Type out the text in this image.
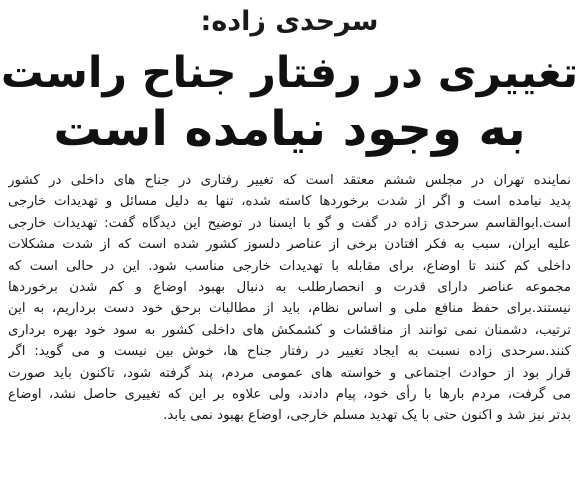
سرحدی زاده:
تغییری در رفتار جناح راست
به وجود نیامده است
نماینده تهران در مجلس ششم معتقد است که تغییر رفتاری در جناح های داخلی در کشور
پدید نیامده است و اگر از شدت برخوردها کاسته شده، تنها به دلیل مسائل و تهدیدات خارجی
است.ابوالقاسم سرحدی زاده در گفت و گو با ایسنا در توضیح این دیدگاه گفت: تهدیدات خارجی
علیه ایران، سبب به فکر افتادن برخی از عناصر دلسوز کشور شده است که از شدت مشکلات
داخلی کم کنند تا اوضاع، برای مقابله با تهدیدات خارجی مناسب شود. این در حالی است که
مجموعه عناصر دارای قدرت و انحصارطلب به دنبال بهبود اوضاع و کم شدن برخوردها
نیستند.برای حفظ منافع ملی و اساس نظام، باید از مطالبات برحق خود دست برداریم، به این
ترتیب، دشمنان نمی توانند از مناقشات و کشمکش های داخلی کشور به سود خود بهره برداری
کنند.سرحدی زاده نسبت به ایجاد تغییر در رفتار جناح ها، خوش بین نیست و می گوید: اگر
قرار بود از حوادث اجتماعی و خواسته های عمومی مردم، پند گرفته شود، تاکنون باید صورت
می گرفت، مردم بارها با رأی خود، پیام دادند، ولی علاوه بر این که تغییری حاصل نشد، اوضاع
بدتر نیز شد و اکنون حتی با یک تهدید مسلم خارجی، اوضاع بهبود نمی یابد.
